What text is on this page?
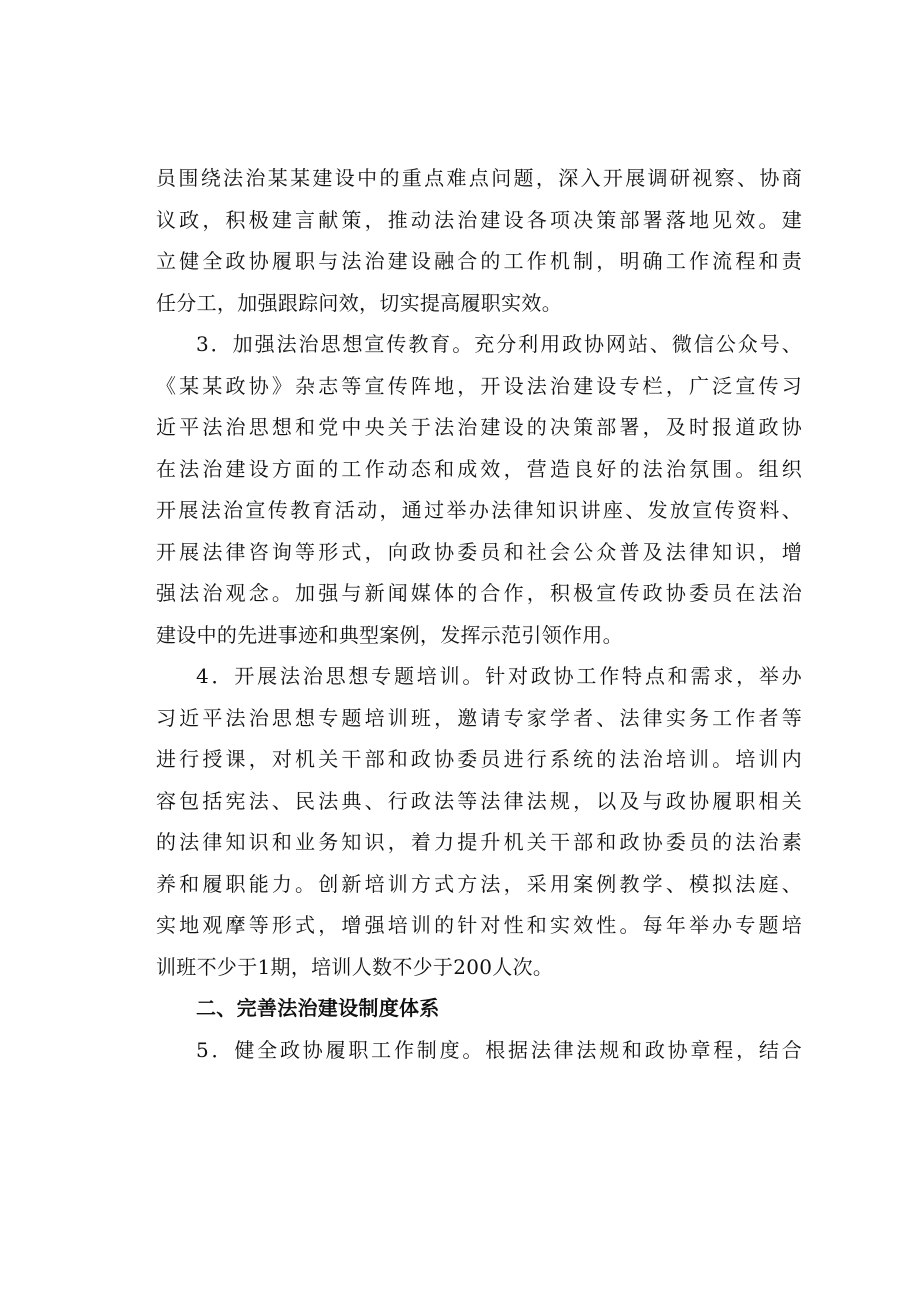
员围绕法治某某建设中的重点难点问题，深入开展调研视察、协商
议政，积极建言献策，推动法治建设各项决策部署落地见效。建
立健全政协履职与法治建设融合的工作机制，明确工作流程和责
任分工，加强跟踪问效，切实提高履职实效。
3．加强法治思想宣传教育。充分利用政协网站、微信公众号、
《某某政协》杂志等宣传阵地，开设法治建设专栏，广泛宣传习
近平法治思想和党中央关于法治建设的决策部署，及时报道政协
在法治建设方面的工作动态和成效，营造良好的法治氛围。组织
开展法治宣传教育活动，通过举办法律知识讲座、发放宣传资料、
开展法律咨询等形式，向政协委员和社会公众普及法律知识，增
强法治观念。加强与新闻媒体的合作，积极宣传政协委员在法治
建设中的先进事迹和典型案例，发挥示范引领作用。
4．开展法治思想专题培训。针对政协工作特点和需求，举办
习近平法治思想专题培训班，邀请专家学者、法律实务工作者等
进行授课，对机关干部和政协委员进行系统的法治培训。培训内
容包括宪法、民法典、行政法等法律法规，以及与政协履职相关
的法律知识和业务知识，着力提升机关干部和政协委员的法治素
养和履职能力。创新培训方式方法，采用案例教学、模拟法庭、
实地观摩等形式，增强培训的针对性和实效性。每年举办专题培
训班不少于1期，培训人数不少于200人次。
二、完善法治建设制度体系
5．健全政协履职工作制度。根据法律法规和政协章程，结合
